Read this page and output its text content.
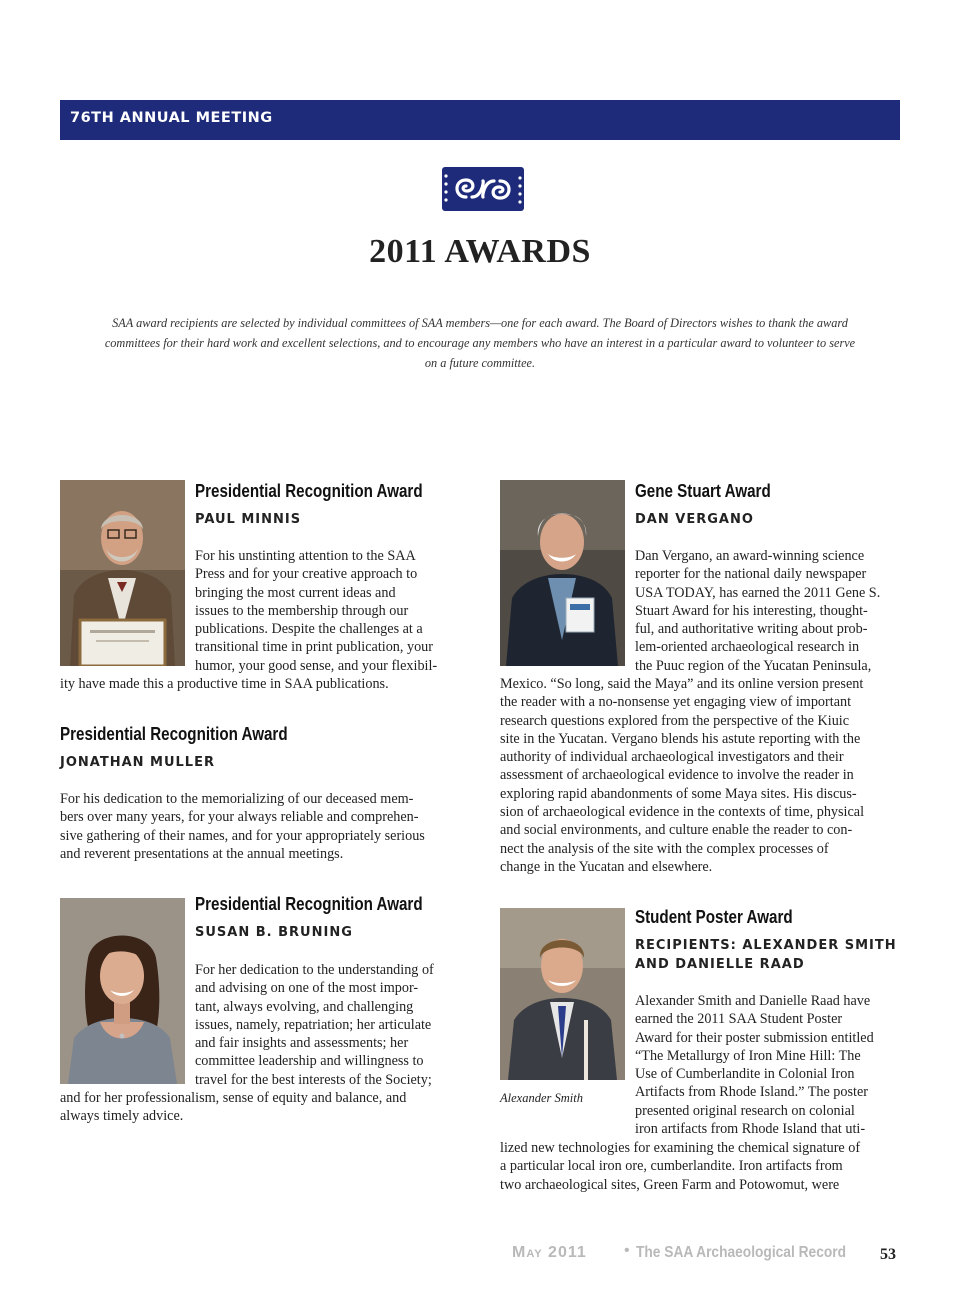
76TH ANNUAL MEETING
2011 AWARDS
SAA award recipients are selected by individual committees of SAA members—one for each award. The Board of Directors wishes to thank the award committees for their hard work and excellent selections, and to encourage any members who have an interest in a particular award to volunteer to serve on a future committee.
Presidential Recognition Award
PAUL MINNIS

For his unstinting attention to the SAA

Press and for your creative approach to

bringing the most current ideas and

issues to the membership through our

publications. Despite the challenges at a

transitional time in print publication, your

humor, your good sense, and your flexibil-

ity have made this a productive time in SAA publications.

Presidential Recognition Award
JONATHAN MULLER

For his dedication to the memorializing of our deceased mem-

bers over many years, for your always reliable and comprehen-

sive gathering of their names, and for your appropriately serious

and reverent presentations at the annual meetings.

Presidential Recognition Award
SUSAN B. BRUNING

For her dedication to the understanding of

and advising on one of the most impor-

tant, always evolving, and challenging

issues, namely, repatriation; her articulate

and fair insights and assessments; her

committee leadership and willingness to

travel for the best interests of the Society;

and for her professionalism, sense of equity and balance, and

always timely advice.

Gene Stuart Award
DAN VERGANO

Dan Vergano, an award-winning science

reporter for the national daily newspaper

USA TODAY, has earned the 2011 Gene S.

Stuart Award for his interesting, thought-

ful, and authoritative writing about prob-

lem-oriented archaeological research in

the Puuc region of the Yucatan Peninsula,

Mexico. “So long, said the Maya” and its online version present

the reader with a no-nonsense yet engaging view of important

research questions explored from the perspective of the Kiuic

site in the Yucatan. Vergano blends his astute reporting with the

authority of individual archaeological investigators and their

assessment of archaeological evidence to involve the reader in

exploring rapid abandonments of some Maya sites. His discus-

sion of archaeological evidence in the contexts of time, physical

and social environments, and culture enable the reader to con-

nect the analysis of the site with the complex processes of

change in the Yucatan and elsewhere.

Alexander Smith
Student Poster Award
RECIPIENTS: ALEXANDER SMITH
AND DANIELLE RAAD

Alexander Smith and Danielle Raad have

earned the 2011 SAA Student Poster

Award for their poster submission entitled

“The Metallurgy of Iron Mine Hill: The

Use of Cumberlandite in Colonial Iron

Artifacts from Rhode Island.” The poster

presented original research on colonial

iron artifacts from Rhode Island that uti-

lized new technologies for examining the chemical signature of

a particular local iron ore, cumberlandite. Iron artifacts from

two archaeological sites, Green Farm and Potowomut, were

May 2011 • The SAA Archaeological Record 53
